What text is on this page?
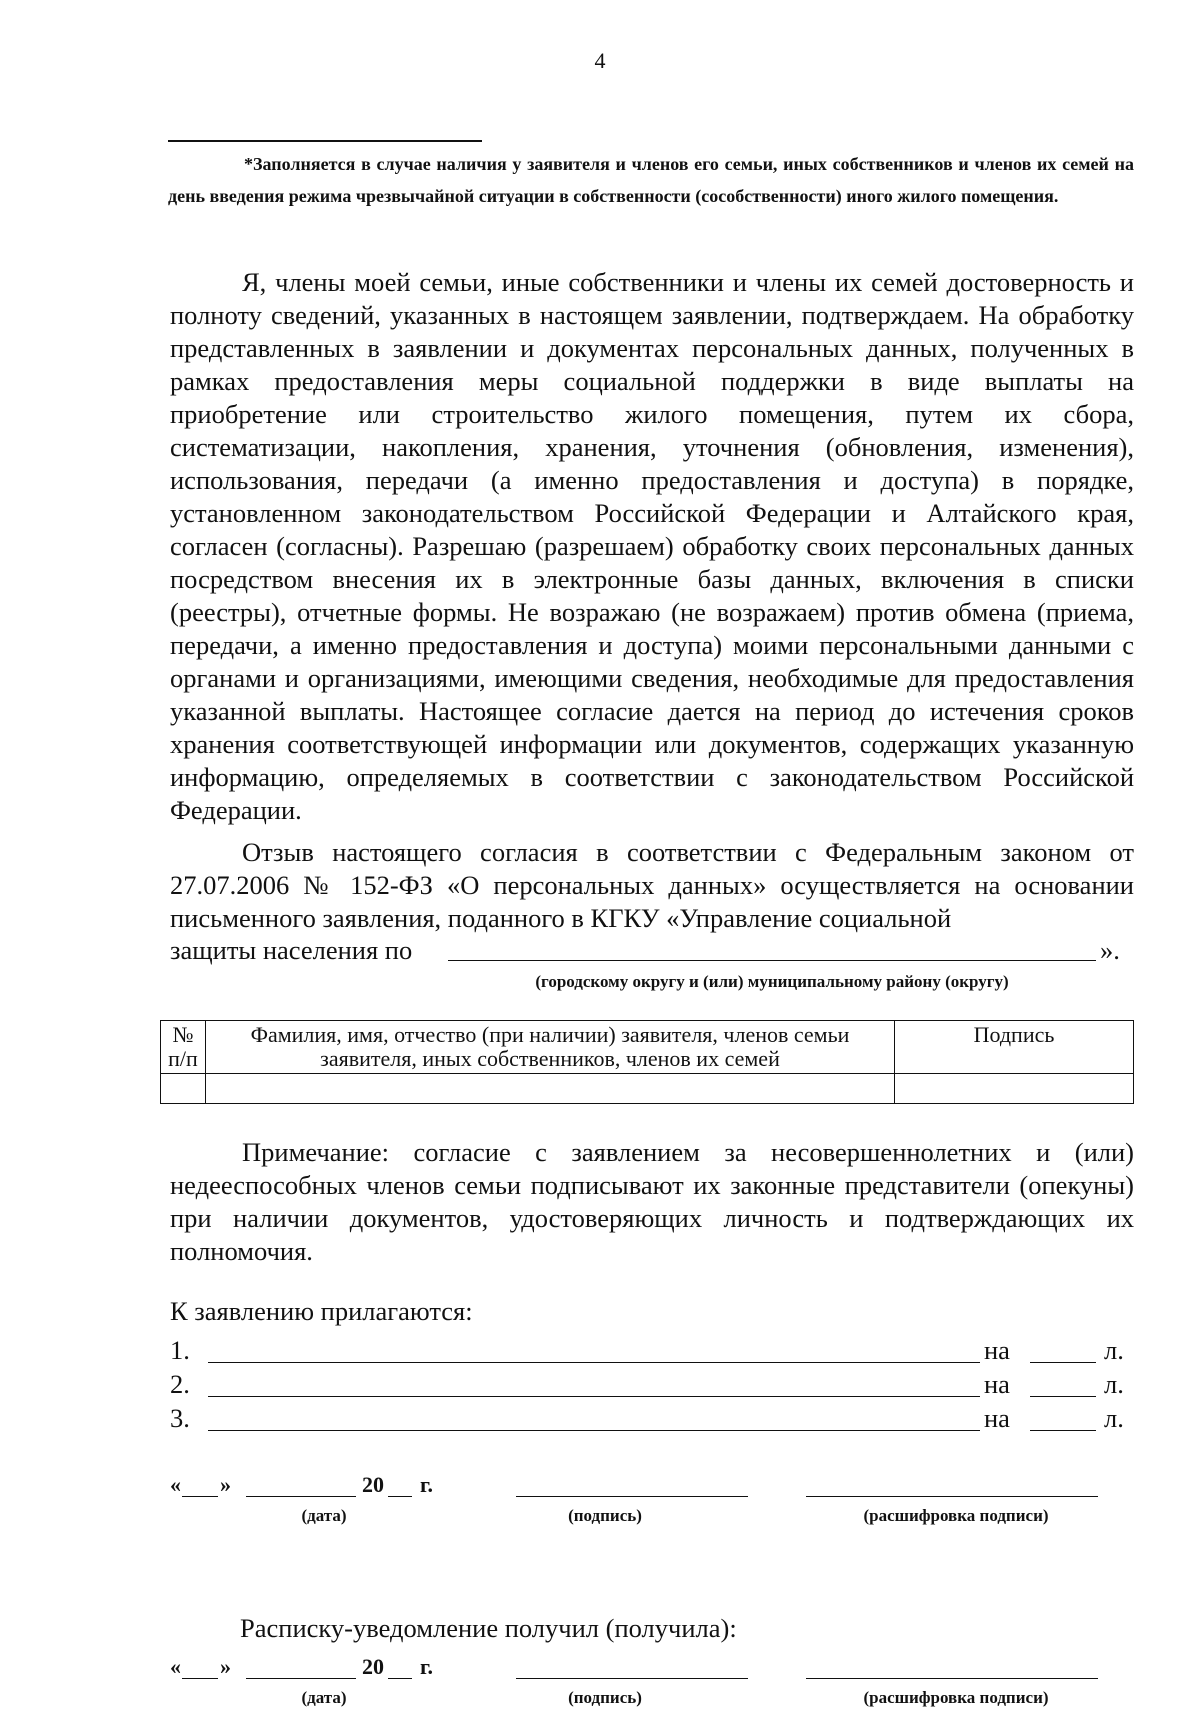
4
*Заполняется в случае наличия у заявителя и членов его семьи, иных собственников и членов их семей на день введения режима чрезвычайной ситуации в собственности (сособственности) иного жилого помещения.

Я, члены моей семьи, иные собственники и члены их семей достоверность и полноту сведений, указанных в настоящем заявлении, подтверждаем. На обработку представленных в заявлении и документах персональных данных, полученных в рамках предоставления меры социальной поддержки в виде выплаты на приобретение или строительство жилого помещения, путем их сбора, систематизации, накопления, хранения, уточнения (обновления, изменения), использования, передачи (а именно предоставления и доступа) в порядке, установленном законодательством Российской Федерации и Алтайского края, согласен (согласны). Разрешаю (разрешаем) обработку своих персональных данных посредством внесения их в электронные базы данных, включения в списки (реестры), отчетные формы. Не возражаю (не возражаем) против обмена (приема, передачи, а именно предоставления и доступа) моими персональными данными с органами и организациями, имеющими сведения, необходимые для предоставления указанной выплаты. Настоящее согласие дается на период до истечения сроков хранения соответствующей информации или документов, содержащих указанную информацию, определяемых в соответствии с законодательством Российской Федерации.

Отзыв настоящего согласия в соответствии с Федеральным законом от 27.07.2006 № 152-ФЗ «О персональных данных» осуществляется на основании письменного заявления, поданного в КГКУ «Управление социальной

защиты населения по	».
(городскому округу и (или) муниципальному району (округу)
№ п/п	Фамилия, имя, отчество (при наличии) заявителя, членов семьи заявителя, иных собственников, членов их семей	Подпись

Примечание: согласие с заявлением за несовершеннолетних и (или) недееспособных членов семьи подписывают их законные представители (опекуны) при наличии документов, удостоверяющих личность и подтверждающих их полномочия.

К заявлению прилагаются:
1.	на	л.
2.	на	л.
3.	на	л.
« »	20 г.
(дата)	(подпись)	(расшифровка подписи)
Расписку-уведомление получил (получила):
« »	20 г.
(дата)	(подпись)	(расшифровка подписи)
